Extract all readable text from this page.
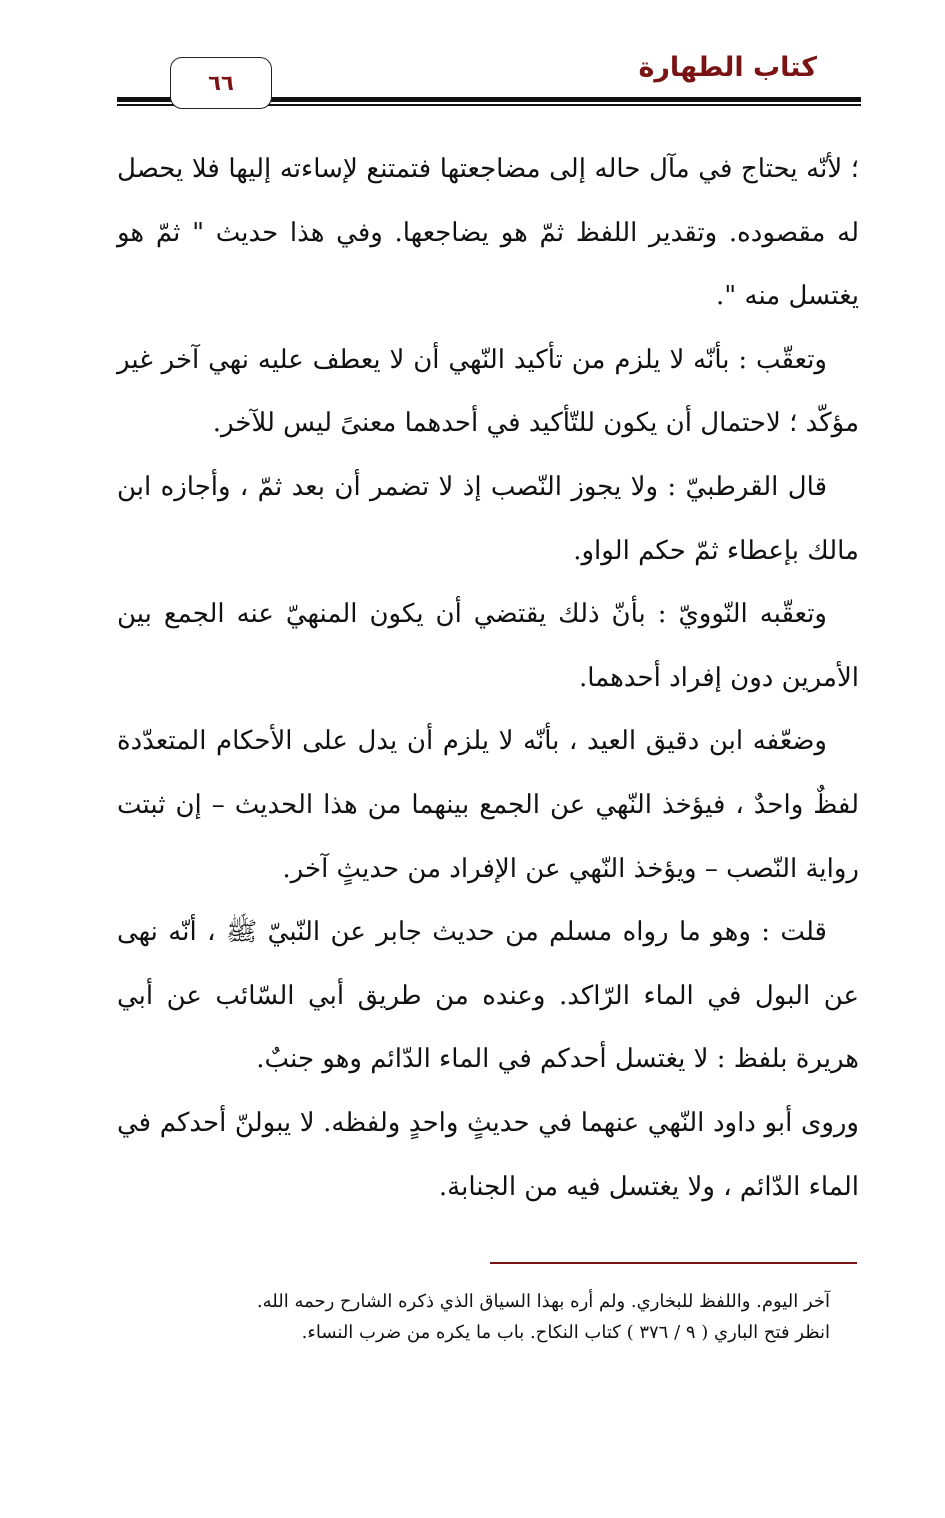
كتاب الطهارة
٦٦

؛ لأنّه يحتاج في مآل حاله إلى مضاجعتها فتمتنع لإساءته إليها فلا يحصل له مقصوده. وتقدير اللفظ ثمّ هو يضاجعها. وفي هذا حديث " ثمّ هو يغتسل منه ".

وتعقّب : بأنّه لا يلزم من تأكيد النّهي أن لا يعطف عليه نهي آخر غير مؤكّد ؛ لاحتمال أن يكون للتّأكيد في أحدهما معنىً ليس للآخر.

قال القرطبيّ : ولا يجوز النّصب إذ لا تضمر أن بعد ثمّ ، وأجازه ابن مالك بإعطاء ثمّ حكم الواو.

وتعقّبه النّوويّ : بأنّ ذلك يقتضي أن يكون المنهيّ عنه الجمع بين الأمرين دون إفراد أحدهما.

وضعّفه ابن دقيق العيد ، بأنّه لا يلزم أن يدل على الأحكام المتعدّدة لفظٌ واحدٌ ، فيؤخذ النّهي عن الجمع بينهما من هذا الحديث – إن ثبتت رواية النّصب – ويؤخذ النّهي عن الإفراد من حديثٍ آخر.

قلت : وهو ما رواه مسلم من حديث جابر عن النّبيّ ﷺ ، أنّه نهى عن البول في الماء الرّاكد. وعنده من طريق أبي السّائب عن أبي هريرة بلفظ : لا يغتسل أحدكم في الماء الدّائم وهو جنبٌ.

وروى أبو داود النّهي عنهما في حديثٍ واحدٍ ولفظه. لا يبولنّ أحدكم في الماء الدّائم ، ولا يغتسل فيه من الجنابة.

آخر اليوم. واللفظ للبخاري. ولم أره بهذا السياق الذي ذكره الشارح رحمه الله.

انظر فتح الباري ( ٩ / ٣٧٦ ) كتاب النكاح. باب ما يكره من ضرب النساء.
